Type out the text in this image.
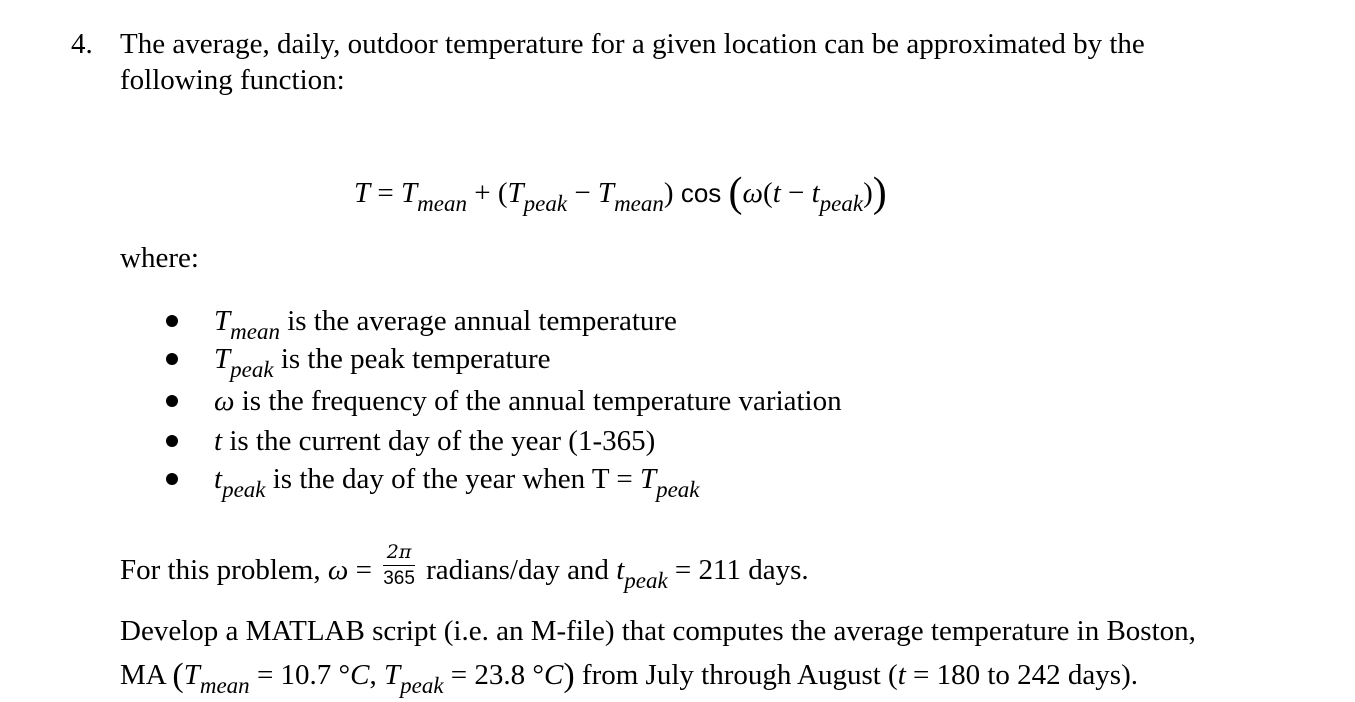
4. The average, daily, outdoor temperature for a given location can be approximated by the
following function:
$T = T_{mean} + (T_{peak} - T_{mean})$ $\cos (\omega(t - t_{peak}))$
where:
$T_{mean}$ is the average annual temperature
$T_{peak}$ is the peak temperature
ω is the frequency of the annual temperature variation
t is the current day of the year (1-365)
$t_{peak}$ is the day of the year when $T = T_{peak}$
For this problem, $\omega = \frac{2\pi}{365}$ radians/day and $t_{peak} = 211$ days.
Develop a MATLAB script (i.e. an M-file) that computes the average temperature in Boston,
MA ($T_{mean} = 10.7$ °C, $T_{peak} = 23.8$ °C) from July through August (t = 180 to 242 days).
